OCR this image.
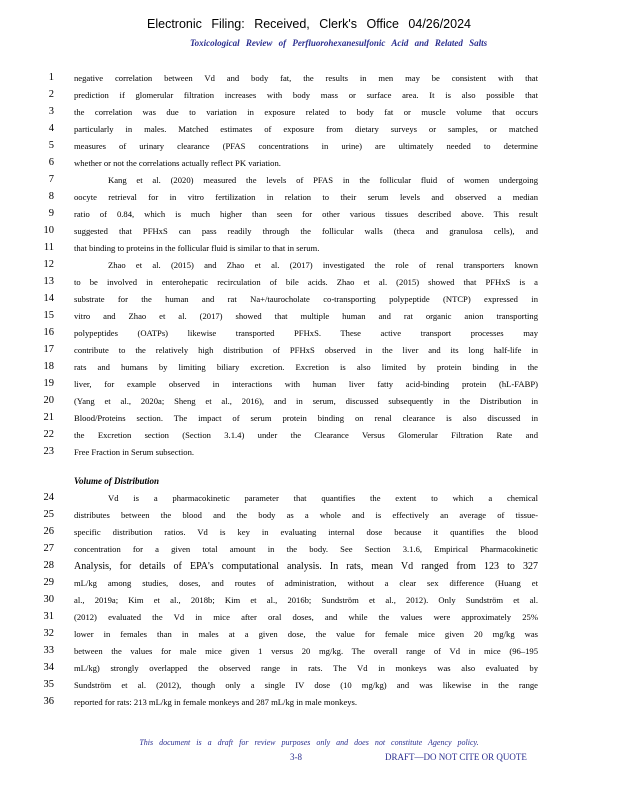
Electronic Filing: Received, Clerk's Office 04/26/2024
Toxicological Review of Perfluorohexanesulfonic Acid and Related Salts
1 negative correlation between Vd and body fat, the results in men may be consistent with that
2 prediction if glomerular filtration increases with body mass or surface area. It is also possible that
3 the correlation was due to variation in exposure related to body fat or muscle volume that occurs
4 particularly in males. Matched estimates of exposure from dietary surveys or samples, or matched
5 measures of urinary clearance (PFAS concentrations in urine) are ultimately needed to determine
6 whether or not the correlations actually reflect PK variation.
7	Kang et al. (2020) measured the levels of PFAS in the follicular fluid of women undergoing
8 oocyte retrieval for in vitro fertilization in relation to their serum levels and observed a median
9 ratio of 0.84, which is much higher than seen for other various tissues described above. This result
10 suggested that PFHxS can pass readily through the follicular walls (theca and granulosa cells), and
11 that binding to proteins in the follicular fluid is similar to that in serum.
12	Zhao et al. (2015) and Zhao et al. (2017) investigated the role of renal transporters known
13 to be involved in enterohepatic recirculation of bile acids. Zhao et al. (2015) showed that PFHxS is a
14 substrate for the human and rat Na+/taurocholate co-transporting polypeptide (NTCP) expressed in
15 vitro and Zhao et al. (2017) showed that multiple human and rat organic anion transporting
16 polypeptides (OATPs) likewise transported PFHxS. These active transport processes may
17 contribute to the relatively high distribution of PFHxS observed in the liver and its long half-life in
18 rats and humans by limiting biliary excretion. Excretion is also limited by protein binding in the
19 liver, for example observed in interactions with human liver fatty acid-binding protein (hL-FABP)
20 (Yang et al., 2020a; Sheng et al., 2016), and in serum, discussed subsequently in the Distribution in
21 Blood/Proteins section. The impact of serum protein binding on renal clearance is also discussed in
22 the Excretion section (Section 3.1.4) under the Clearance Versus Glomerular Filtration Rate and
23 Free Fraction in Serum subsection.
24	Vd is a pharmacokinetic parameter that quantifies the extent to which a chemical
25 distributes between the blood and the body as a whole and is effectively an average of tissue-
26 specific distribution ratios. Vd is key in evaluating internal dose because it quantifies the blood
27 concentration for a given total amount in the body. See Section 3.1.6, Empirical Pharmacokinetic
28 Analysis, for details of EPA's computational analysis. In rats, mean Vd ranged from 123 to 327
29 mL/kg among studies, doses, and routes of administration, without a clear sex difference (Huang et
30 al., 2019a; Kim et al., 2018b; Kim et al., 2016b; Sundström et al., 2012). Only Sundström et al.
31 (2012) evaluated the Vd in mice after oral doses, and while the values were approximately 25%
32 lower in females than in males at a given dose, the value for female mice given 20 mg/kg was
33 between the values for male mice given 1 versus 20 mg/kg. The overall range of Vd in mice (96–195
34 mL/kg) strongly overlapped the observed range in rats. The Vd in monkeys was also evaluated by
35 Sundström et al. (2012), though only a single IV dose (10 mg/kg) and was likewise in the range
36 reported for rats: 213 mL/kg in female monkeys and 287 mL/kg in male monkeys.
Volume of Distribution
This document is a draft for review purposes only and does not constitute Agency policy.
3-8	DRAFT—DO NOT CITE OR QUOTE
